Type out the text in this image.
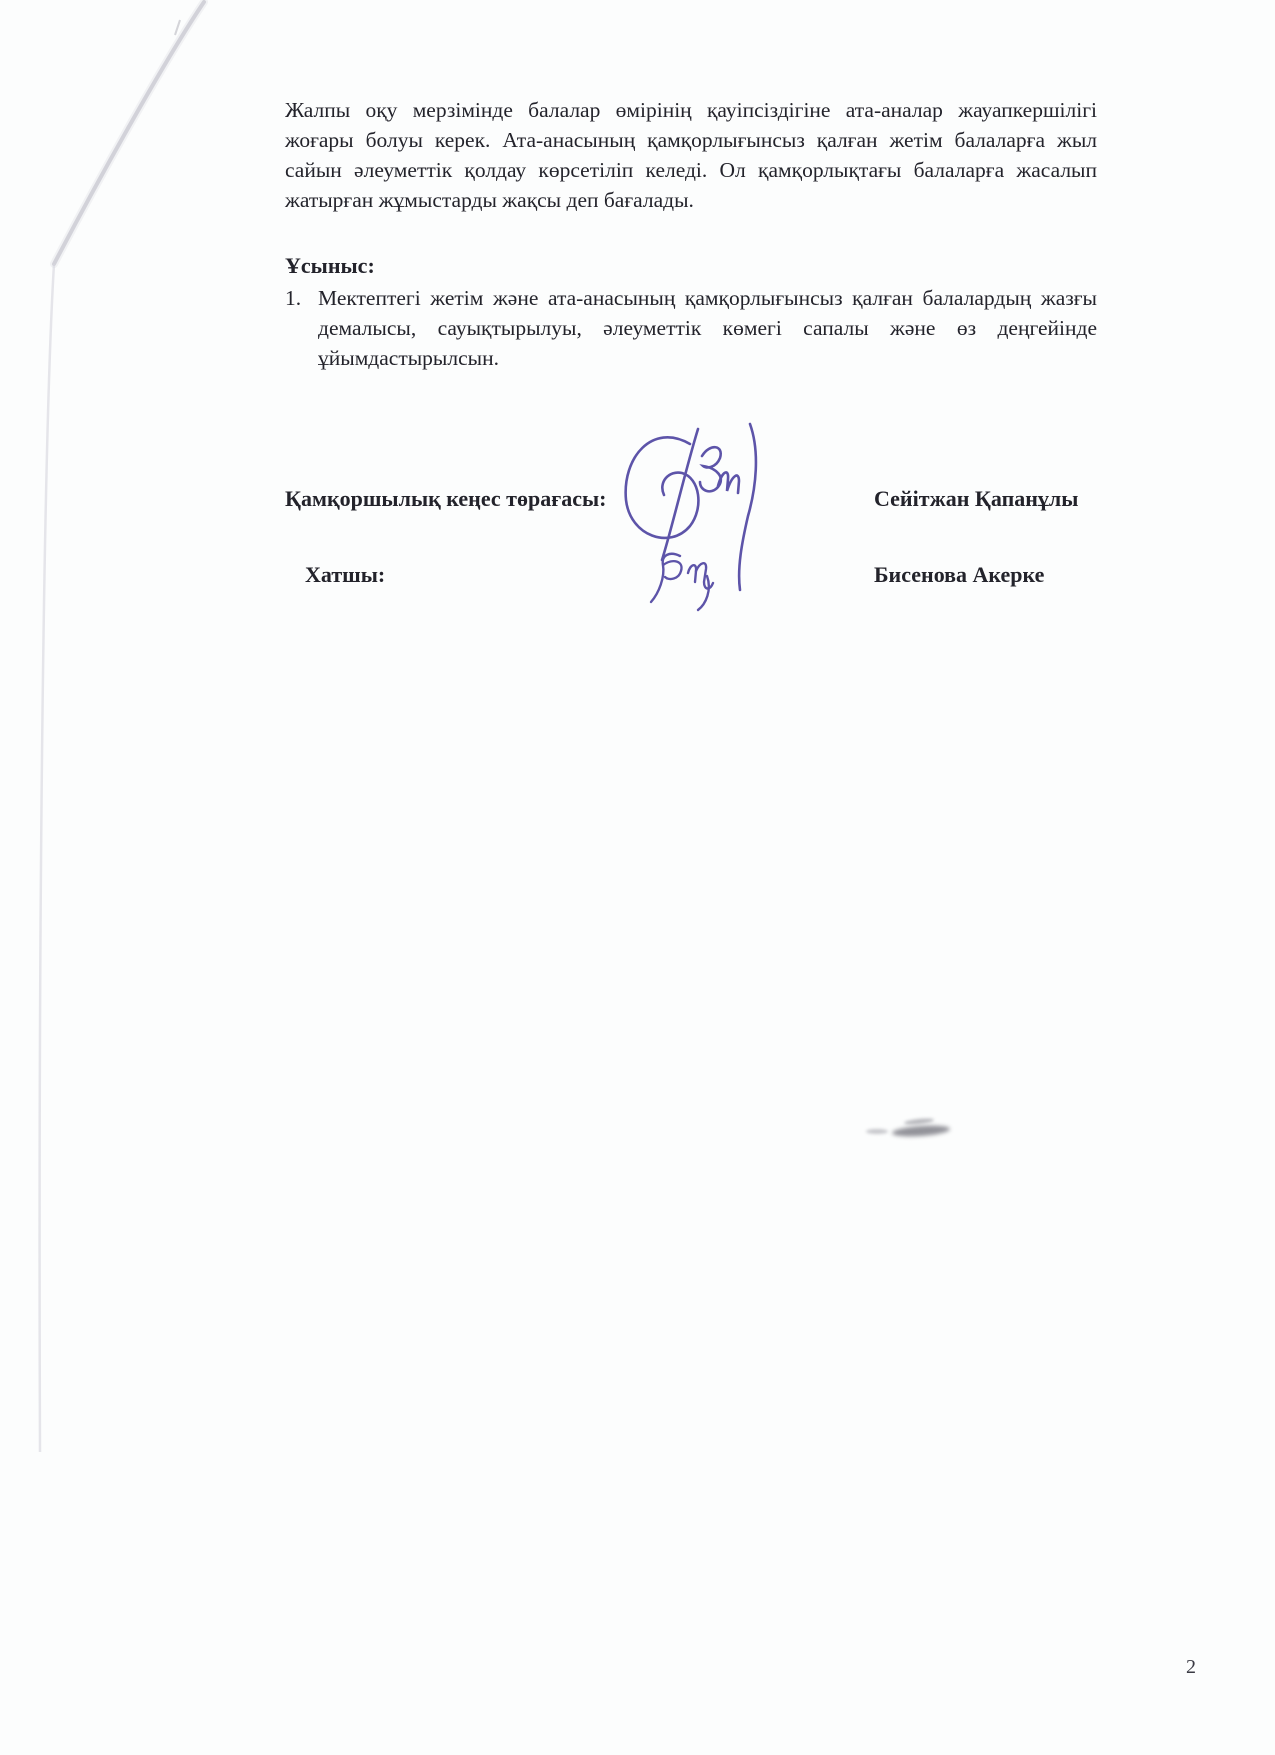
Жалпы оқу мерзімінде балалар өмірінің қауіпсіздігіне ата-аналар жауапкершілігі жоғары болуы керек. Ата-анасының қамқорлығынсыз қалған жетім балаларға жыл сайын әлеуметтік қолдау көрсетіліп келеді. Ол қамқорлықтағы балаларға жасалып жатырған жұмыстарды жақсы деп бағалады.

Ұсыныс:
1. Мектептегі жетім және ата-анасының қамқорлығынсыз қалған балалардың жазғы демалысы, сауықтырылуы, әлеуметтік көмегі сапалы және өз деңгейінде ұйымдастырылсын.

Қамқоршылық кеңес төрағасы:	Сейітжан Қапанұлы
Хатшы:	Бисенова Акерке
2
